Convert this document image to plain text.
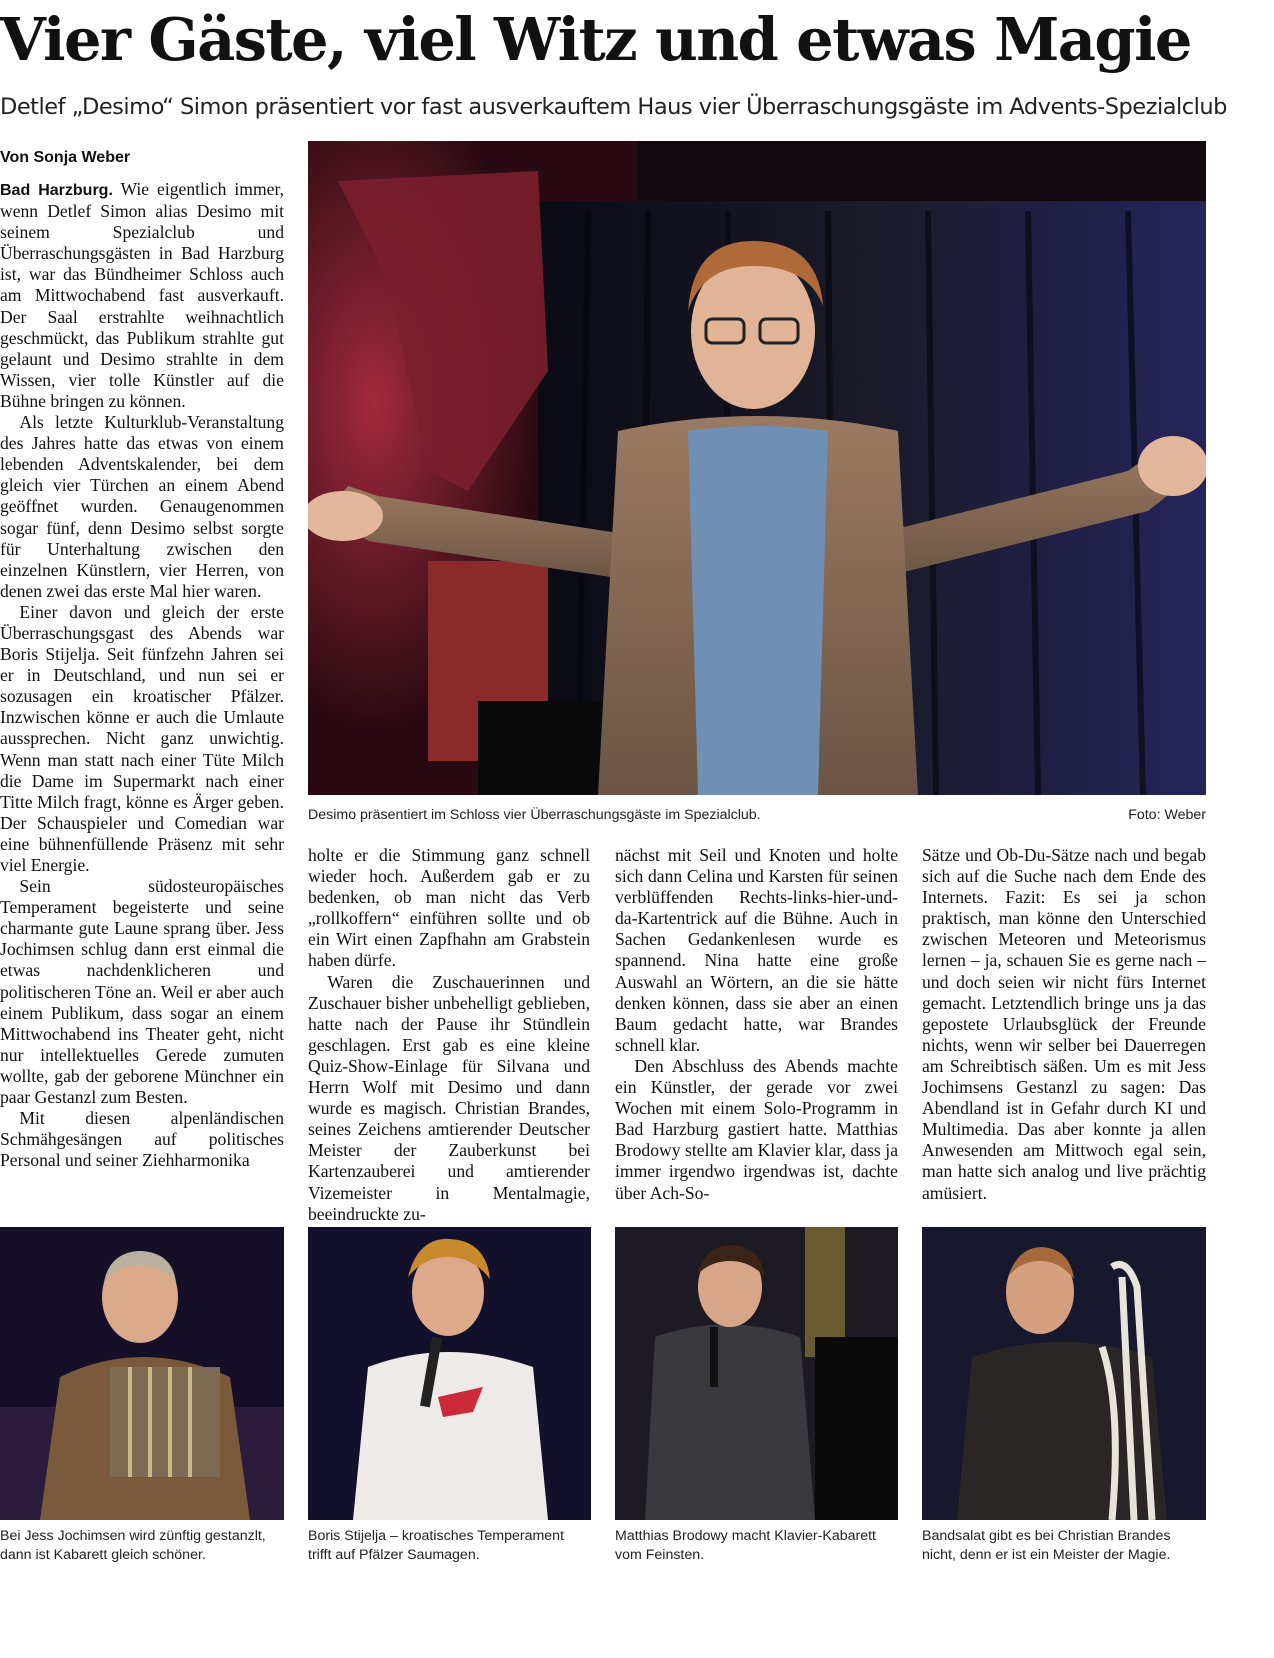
Vier Gäste, viel Witz und etwas Magie
Detlef „Desimo“ Simon präsentiert vor fast ausverkauftem Haus vier Überraschungsgäste im Advents-Spezialclub
Von Sonja Weber

Bad Harzburg. Wie eigentlich immer, wenn Detlef Simon alias Desimo mit seinem Spezialclub und Überraschungsgästen in Bad Harzburg ist, war das Bündheimer Schloss auch am Mittwochabend fast ausverkauft. Der Saal erstrahlte weihnachtlich geschmückt, das Publikum strahlte gut gelaunt und Desimo strahlte in dem Wissen, vier tolle Künstler auf die Bühne bringen zu können.

Als letzte Kulturklub-Veranstaltung des Jahres hatte das etwas von einem lebenden Adventskalender, bei dem gleich vier Türchen an einem Abend geöffnet wurden. Genaugenommen sogar fünf, denn Desimo selbst sorgte für Unterhaltung zwischen den einzelnen Künstlern, vier Herren, von denen zwei das erste Mal hier waren.

Einer davon und gleich der erste Überraschungsgast des Abends war Boris Stijelja. Seit fünfzehn Jahren sei er in Deutschland, und nun sei er sozusagen ein kroatischer Pfälzer. Inzwischen könne er auch die Umlaute aussprechen. Nicht ganz unwichtig. Wenn man statt nach einer Tüte Milch die Dame im Supermarkt nach einer Titte Milch fragt, könne es Ärger geben. Der Schauspieler und Comedian war eine bühnenfüllende Präsenz mit sehr viel Energie.

Sein südosteuropäisches Temperament begeisterte und seine charmante gute Laune sprang über. Jess Jochimsen schlug dann erst einmal die etwas nachdenklicheren und politischeren Töne an. Weil er aber auch einem Publikum, dass sogar an einem Mittwochabend ins Theater geht, nicht nur intellektuelles Gerede zumuten wollte, gab der geborene Münchner ein paar Gestanzl zum Besten.

Mit diesen alpenländischen Schmähgesängen auf politisches Personal und seiner Ziehharmonika

Desimo präsentiert im Schloss vier Überraschungsgäste im Spezialclub.	Foto: Weber

holte er die Stimmung ganz schnell wieder hoch. Außerdem gab er zu bedenken, ob man nicht das Verb „rollkoffern“ einführen sollte und ob ein Wirt einen Zapfhahn am Grabstein haben dürfe.

Waren die Zuschauerinnen und Zuschauer bisher unbehelligt geblieben, hatte nach der Pause ihr Stündlein geschlagen. Erst gab es eine kleine Quiz-Show-Einlage für Silvana und Herrn Wolf mit Desimo und dann wurde es magisch. Christian Brandes, seines Zeichens amtierender Deutscher Meister der Zauberkunst bei Kartenzauberei und amtierender Vizemeister in Mentalmagie, beeindruckte zu-

nächst mit Seil und Knoten und holte sich dann Celina und Karsten für seinen verblüffenden Rechts-links-hier-und-da-Kartentrick auf die Bühne. Auch in Sachen Gedankenlesen wurde es spannend. Nina hatte eine große Auswahl an Wörtern, an die sie hätte denken können, dass sie aber an einen Baum gedacht hatte, war Brandes schnell klar.

Den Abschluss des Abends machte ein Künstler, der gerade vor zwei Wochen mit einem Solo-Programm in Bad Harzburg gastiert hatte. Matthias Brodowy stellte am Klavier klar, dass ja immer irgendwo irgendwas ist, dachte über Ach-So-

Sätze und Ob-Du-Sätze nach und begab sich auf die Suche nach dem Ende des Internets. Fazit: Es sei ja schon praktisch, man könne den Unterschied zwischen Meteoren und Meteorismus lernen – ja, schauen Sie es gerne nach – und doch seien wir nicht fürs Internet gemacht. Letztendlich bringe uns ja das gepostete Urlaubsglück der Freunde nichts, wenn wir selber bei Dauerregen am Schreibtisch säßen. Um es mit Jess Jochimsens Gestanzl zu sagen: Das Abendland ist in Gefahr durch KI und Multimedia. Das aber konnte ja allen Anwesenden am Mittwoch egal sein, man hatte sich analog und live prächtig amüsiert.

Bei Jess Jochimsen wird zünftig gestanzlt, dann ist Kabarett gleich schöner.
Boris Stijelja – kroatisches Temperament trifft auf Pfälzer Saumagen.
Matthias Brodowy macht Klavier-Kabarett vom Feinsten.
Bandsalat gibt es bei Christian Brandes nicht, denn er ist ein Meister der Magie.
